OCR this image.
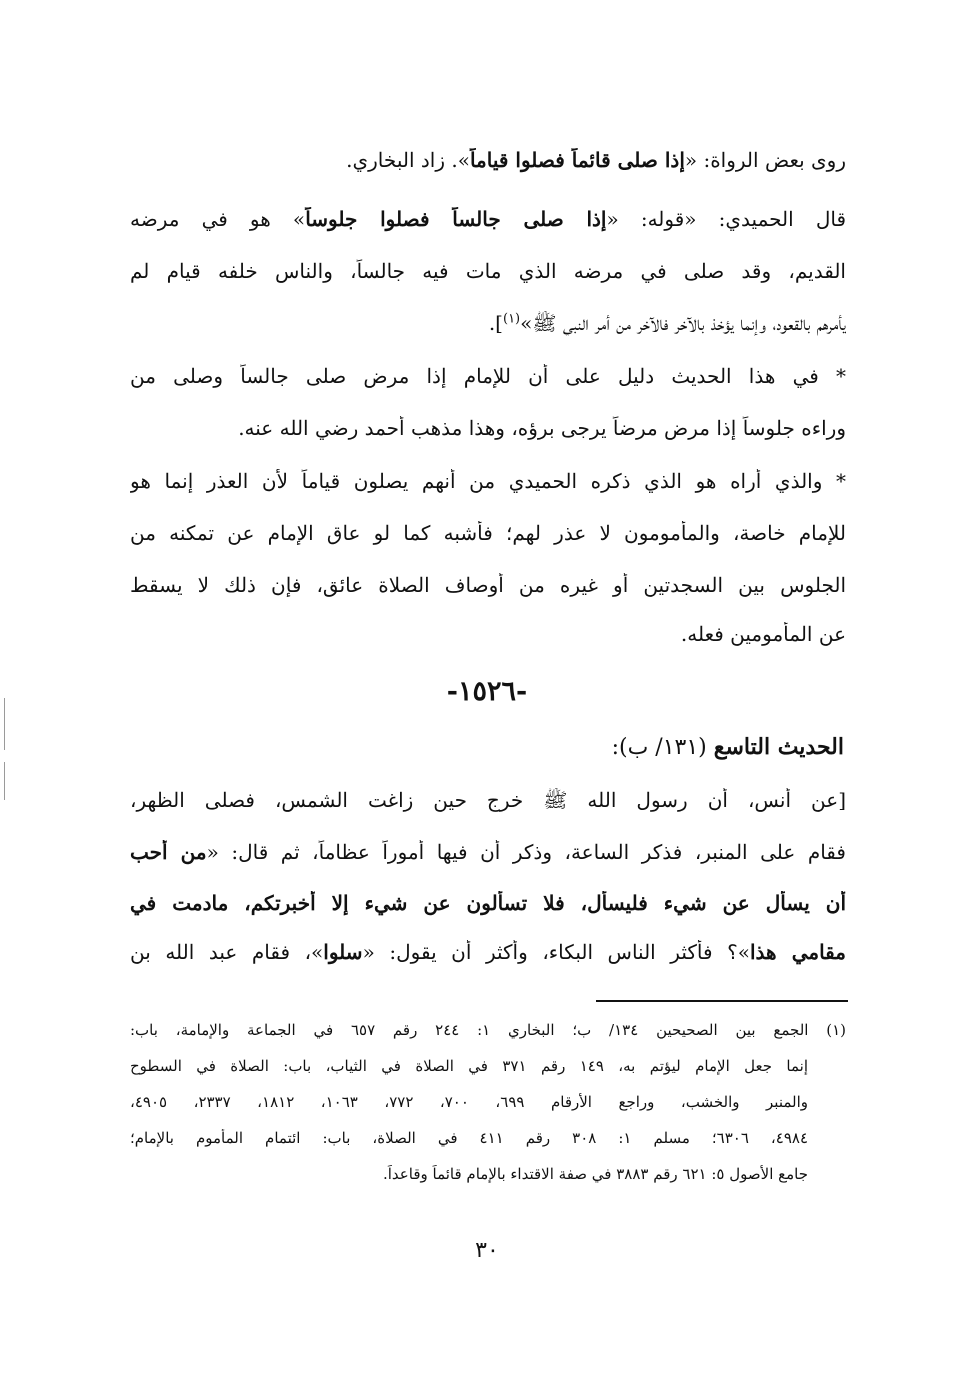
روى بعض الرواة: «إذا صلى قائماً فصلوا قياماً». زاد البخاري.
قال الحميدي: «قوله: «إذا صلى جالساً فصلوا جلوساً» هو في مرضه
القديم، وقد صلى في مرضه الذي مات فيه جالساً، والناس خلفه قيام لم
يأمرهم بالقعود، وإنما يؤخذ بالآخر فالآخر من أمر النبي ﷺ»$^{(١)}$].
* في هذا الحديث دليل على أن للإمام إذا مرض صلى جالساً وصلى من
وراءه جلوساً إذا مرض مرضاً يرجى برؤه، وهذا مذهب أحمد رضي الله عنه.
* والذي أراه هو الذي ذكره الحميدي من أنهم يصلون قياماً لأن العذر إنما هو
للإمام خاصة، والمأمومون لا عذر لهم؛ فأشبه كما لو عاق الإمام عن تمكنه من
الجلوس بين السجدتين أو غيره من أوصاف الصلاة عائق، فإن ذلك لا يسقط
عن المأمومين فعله.
-١٥٢٦-
الحديث التاسع (١٣١/ ب):
[عن أنس، أن رسول الله ﷺ خرج حين زاغت الشمس، فصلى الظهر،
فقام على المنبر، فذكر الساعة، وذكر أن فيها أموراً عظاماً، ثم قال: «من أحب
أن يسأل عن شيء فليسأل، فلا تسألون عن شيء إلا أخبرتكم، مادمت في
مقامي هذا»؟ فأكثر الناس البكاء، وأكثر أن يقول: «سلوا»، فقام عبد الله بن
(١) الجمع بين الصحيحين ١٣٤/ ب؛ البخاري ١: ٢٤٤ رقم ٦٥٧ في الجماعة والإمامة، باب:
إنما جعل الإمام ليؤتم به، ١٤٩ رقم ٣٧١ في الصلاة في الثياب، باب: الصلاة في السطوح
والمنبر والخشب، وراجع الأرقام ٦٩٩، ٧٠٠، ٧٧٢، ١٠٦٣، ١٨١٢، ٢٣٣٧، ٤٩٠٥،
٤٩٨٤، ٦٣٠٦؛ مسلم ١: ٣٠٨ رقم ٤١١ في الصلاة، باب: ائتمام المأموم بالإمام؛
جامع الأصول ٥: ٦٢١ رقم ٣٨٨٣ في صفة الاقتداء بالإمام قائماً وقاعداً.
٣٠
